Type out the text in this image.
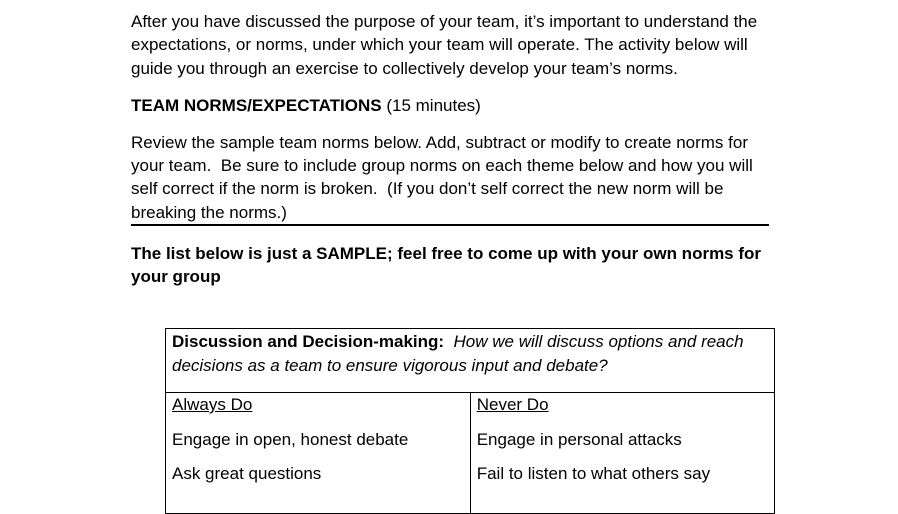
After you have discussed the purpose of your team, it’s important to understand the expectations, or norms, under which your team will operate. The activity below will guide you through an exercise to collectively develop your team’s norms.

TEAM NORMS/EXPECTATIONS (15 minutes)

Review the sample team norms below. Add, subtract or modify to create norms for your team.  Be sure to include group norms on each theme below and how you will self correct if the norm is broken.  (If you don’t self correct the new norm will be breaking the norms.)

The list below is just a SAMPLE; feel free to come up with your own norms for your group

Discussion and Decision-making: How we will discuss options and reach decisions as a team to ensure vigorous input and debate?

Always Do
Engage in open, honest debate
Ask great questions

Never Do
Engage in personal attacks
Fail to listen to what others say
